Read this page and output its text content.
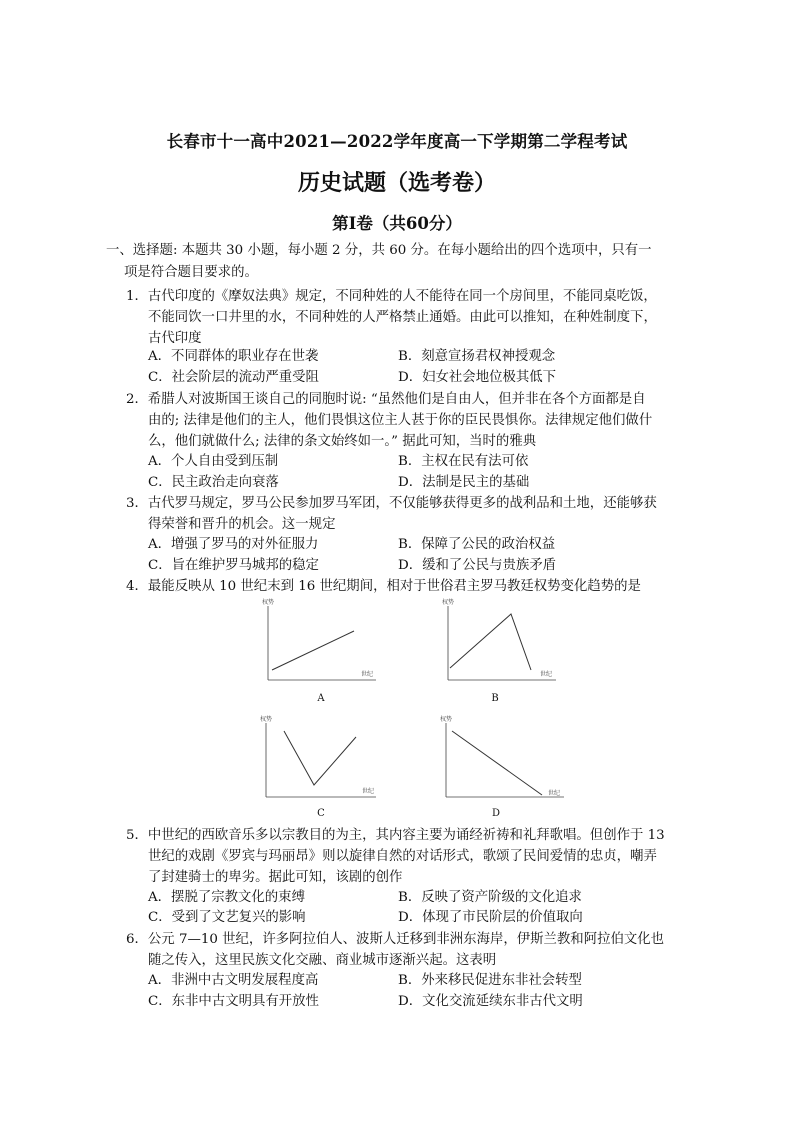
长春市十一高中2021—2022学年度高一下学期第二学程考试
历史试题（选考卷）
第Ⅰ卷（共60分）
一、选择题: 本题共 30 小题，每小题 2 分，共 60 分。在每小题给出的四个选项中，只有一
项是符合题目要求的。
1．古代印度的《摩奴法典》规定，不同种姓的人不能待在同一个房间里，不能同桌吃饭，
不能同饮一口井里的水，不同种姓的人严格禁止通婚。由此可以推知，在种姓制度下，
古代印度
A．不同群体的职业存在世袭	B．刻意宣扬君权神授观念
C．社会阶层的流动严重受阻	D．妇女社会地位极其低下
2．希腊人对波斯国王谈自己的同胞时说: “虽然他们是自由人，但并非在各个方面都是自
由的; 法律是他们的主人，他们畏惧这位主人甚于你的臣民畏惧你。法律规定他们做什
么，他们就做什么; 法律的条文始终如一。” 据此可知，当时的雅典
A．个人自由受到压制	B．主权在民有法可依
C．民主政治走向衰落	D．法制是民主的基础
3．古代罗马规定，罗马公民参加罗马军团，不仅能够获得更多的战利品和土地，还能够获
得荣誉和晋升的机会。这一规定
A．增强了罗马的对外征服力	B．保障了公民的政治权益
C．旨在维护罗马城邦的稳定	D．缓和了公民与贵族矛盾
4．最能反映从 10 世纪末到 16 世纪期间，相对于世俗君主罗马教廷权势变化趋势的是
权势
世纪
A
权势
世纪
B
权势
世纪
C
权势
世纪
D
5．中世纪的西欧音乐多以宗教目的为主，其内容主要为诵经祈祷和礼拜歌唱。但创作于 13
世纪的戏剧《罗宾与玛丽昂》则以旋律自然的对话形式，歌颂了民间爱情的忠贞，嘲弄
了封建骑士的卑劣。据此可知，该剧的创作
A．摆脱了宗教文化的束缚	B．反映了资产阶级的文化追求
C．受到了文艺复兴的影响	D．体现了市民阶层的价值取向
6．公元 7—10 世纪，许多阿拉伯人、波斯人迁移到非洲东海岸，伊斯兰教和阿拉伯文化也
随之传入，这里民族文化交融、商业城市逐渐兴起。这表明
A．非洲中古文明发展程度高	B．外来移民促进东非社会转型
C．东非中古文明具有开放性	D．文化交流延续东非古代文明
